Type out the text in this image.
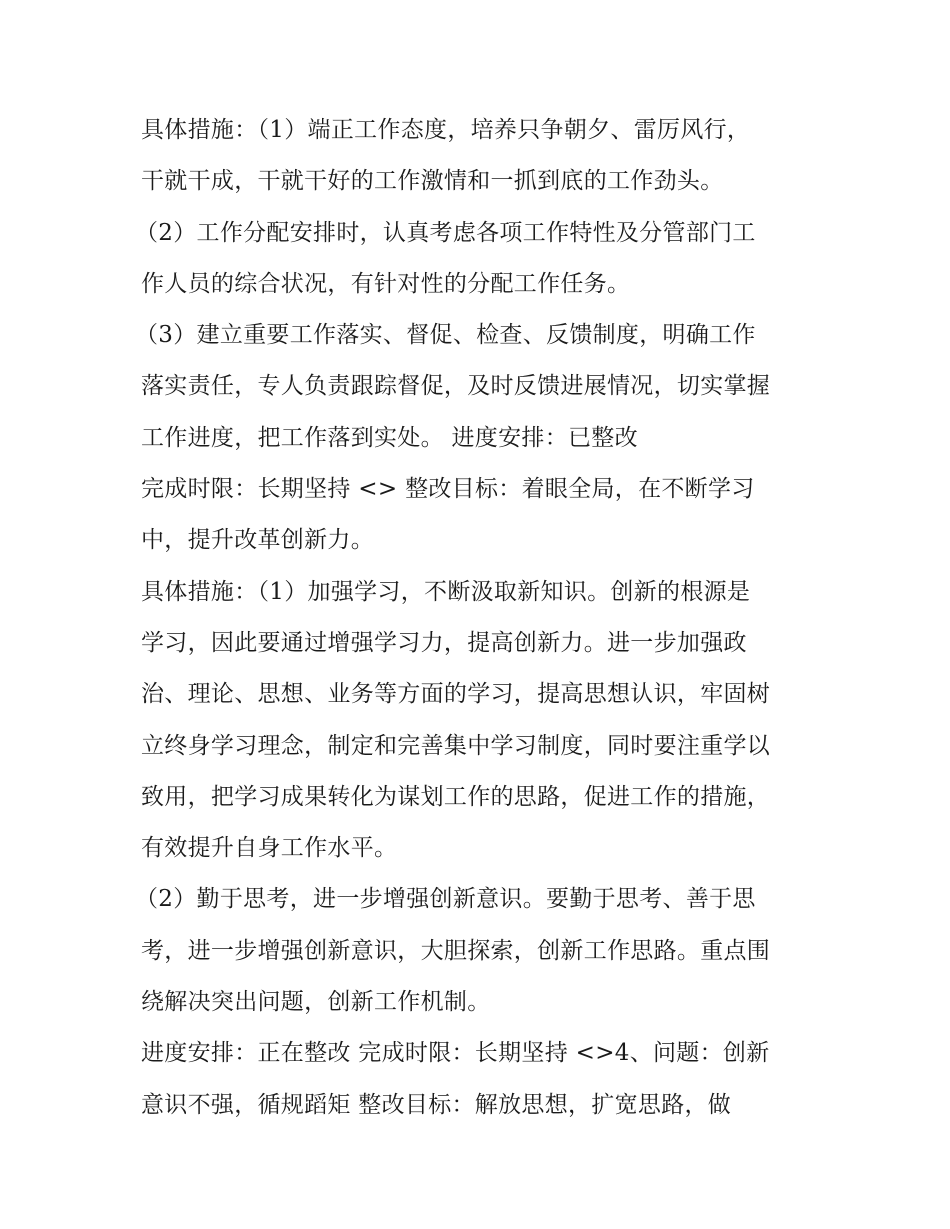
具体措施：（1）端正工作态度，培养只争朝夕、雷厉风行，
干就干成，干就干好的工作激情和一抓到底的工作劲头。
（2）工作分配安排时，认真考虑各项工作特性及分管部门工
作人员的综合状况，有针对性的分配工作任务。
（3）建立重要工作落实、督促、检查、反馈制度，明确工作
落实责任，专人负责跟踪督促，及时反馈进展情况，切实掌握
工作进度，把工作落到实处。 进度安排：已整改
完成时限：长期坚持 <> 整改目标：着眼全局，在不断学习
中，提升改革创新力。
具体措施：（1）加强学习，不断汲取新知识。创新的根源是
学习，因此要通过增强学习力，提高创新力。进一步加强政
治、理论、思想、业务等方面的学习，提高思想认识，牢固树
立终身学习理念，制定和完善集中学习制度，同时要注重学以
致用，把学习成果转化为谋划工作的思路，促进工作的措施，
有效提升自身工作水平。
（2）勤于思考，进一步增强创新意识。要勤于思考、善于思
考，进一步增强创新意识，大胆探索，创新工作思路。重点围
绕解决突出问题，创新工作机制。
进度安排：正在整改 完成时限：长期坚持 <>4、问题：创新
意识不强，循规蹈矩 整改目标：解放思想，扩宽思路，做
